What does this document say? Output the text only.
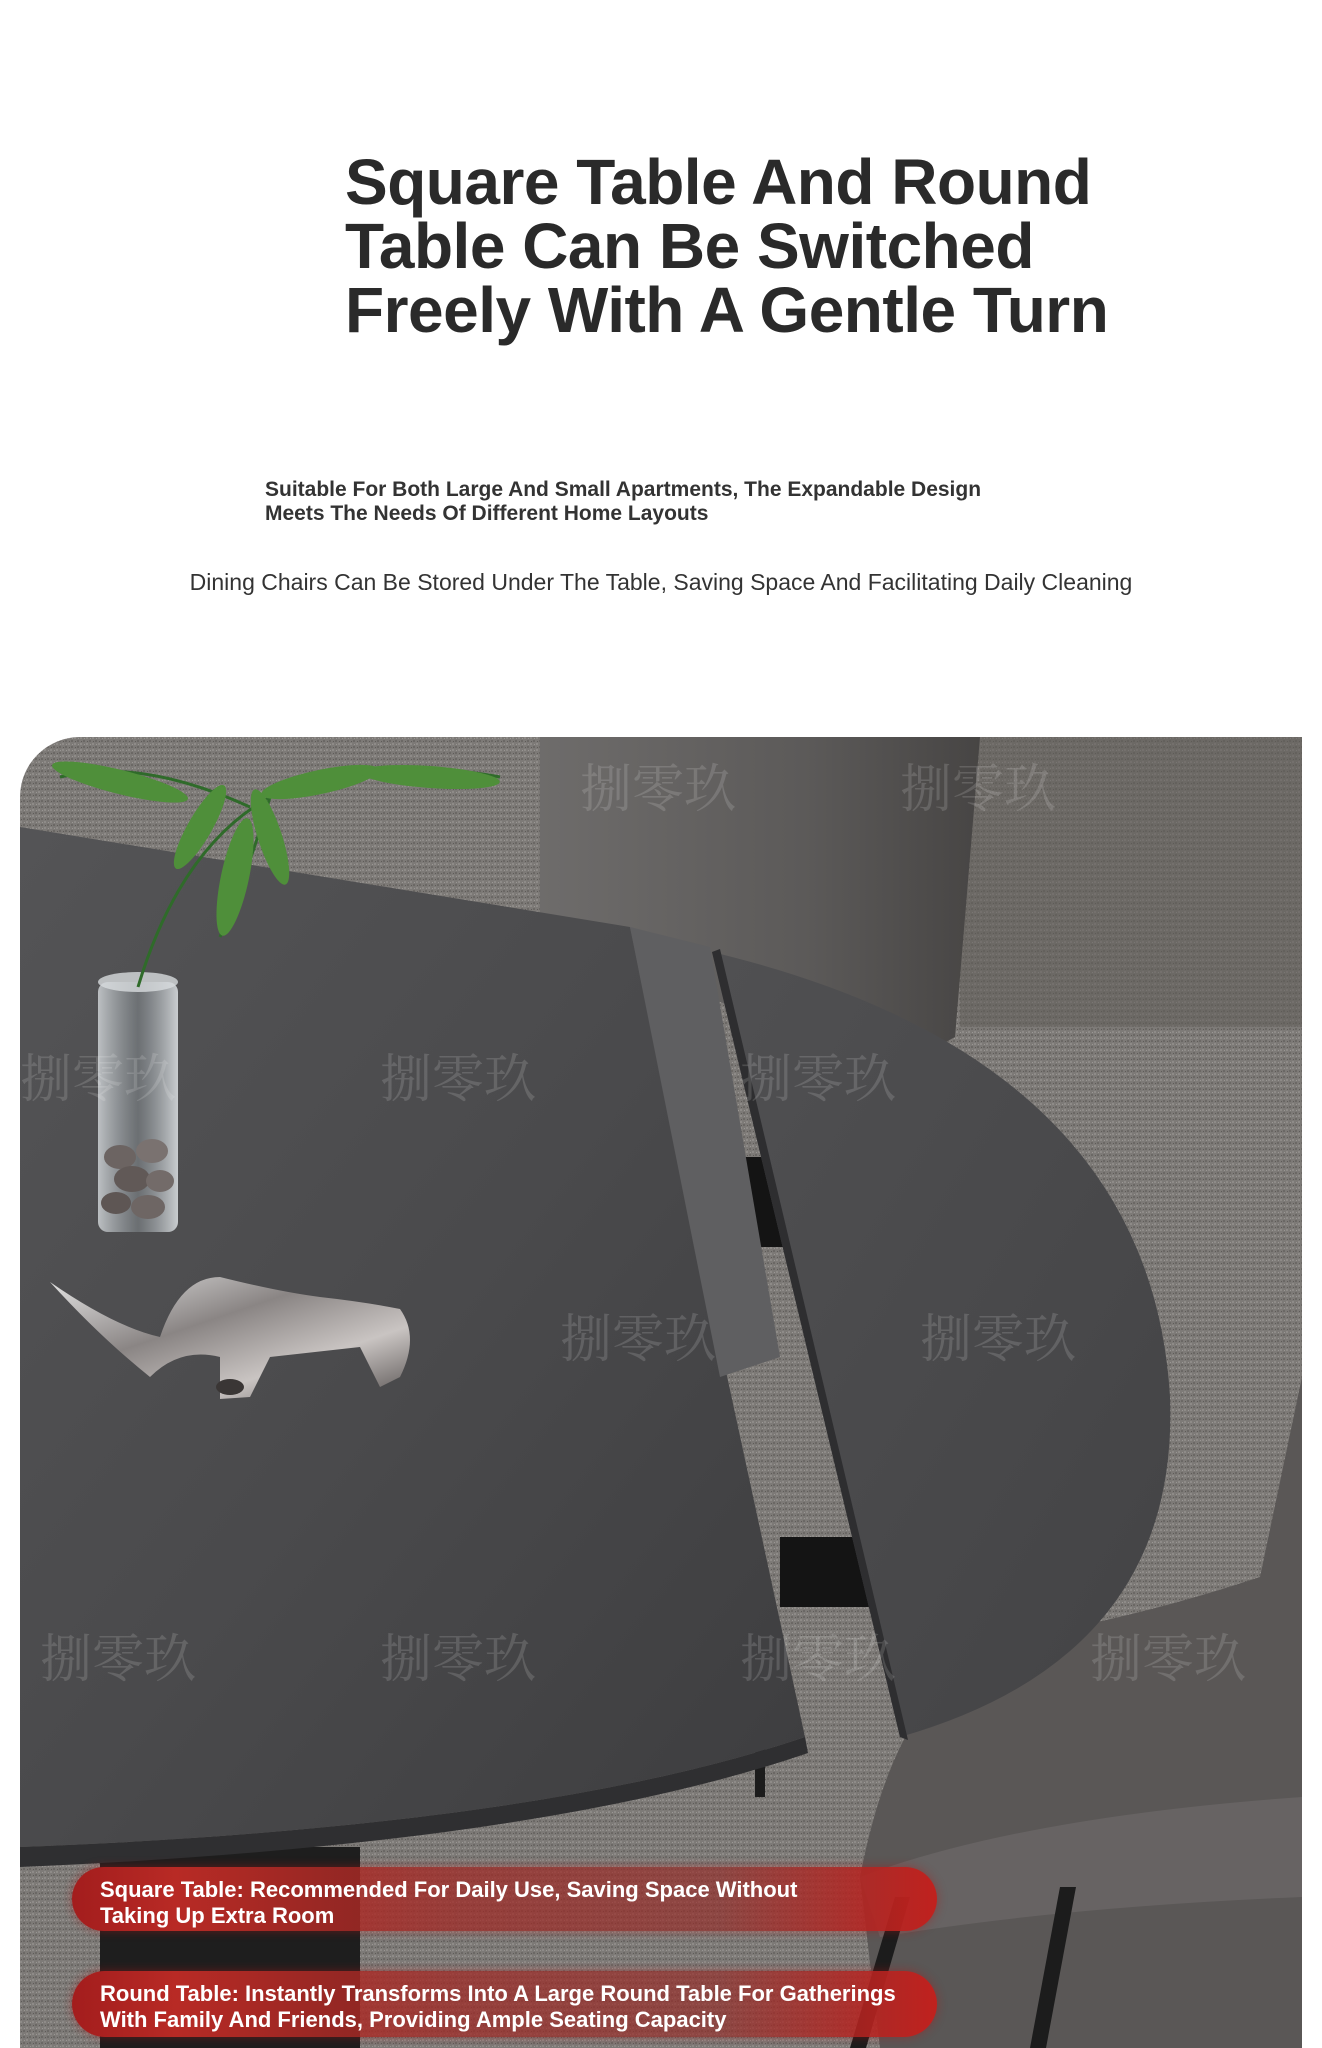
Square Table And Round
Table Can Be Switched
Freely With A Gentle Turn

Suitable For Both Large And Small Apartments, The Expandable Design
Meets The Needs Of Different Home Layouts

Dining Chairs Can Be Stored Under The Table, Saving Space And Facilitating Daily Cleaning

捌零玖	捌零玖
捌零玖	捌零玖	捌零玖
捌零玖	捌零玖
捌零玖	捌零玖	捌零玖	捌零玖
Square Table: Recommended For Daily Use, Saving Space Without
Taking Up Extra Room
Round Table: Instantly Transforms Into A Large Round Table For Gatherings
With Family And Friends, Providing Ample Seating Capacity
